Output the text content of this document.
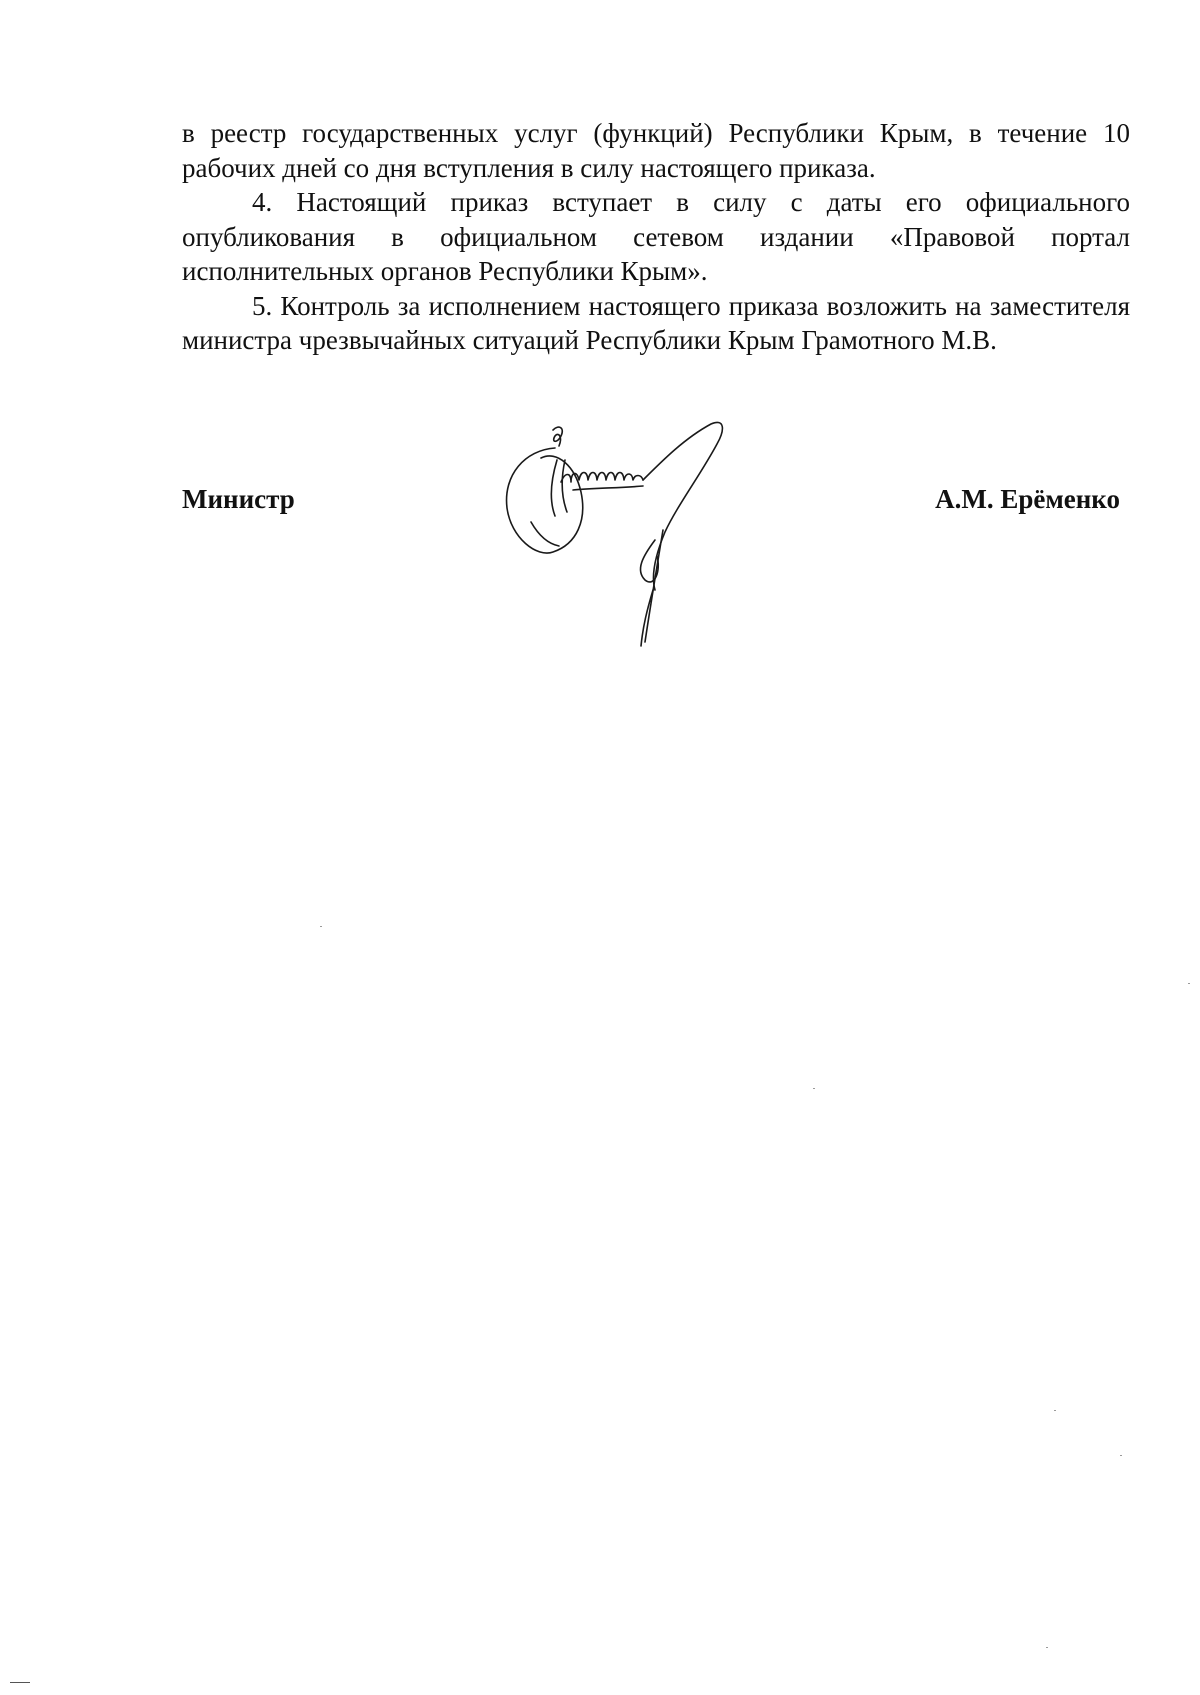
в реестр государственных услуг (функций) Республики Крым, в течение 10 рабочих дней со дня вступления в силу настоящего приказа.

4. Настоящий приказ вступает в силу с даты его официального опубликования в официальном сетевом издании «Правовой портал исполнительных органов Республики Крым».

5. Контроль за исполнением настоящего приказа возложить на заместителя министра чрезвычайных ситуаций Республики Крым Грамотного М.В.

Министр	А.М. Ерёменко
